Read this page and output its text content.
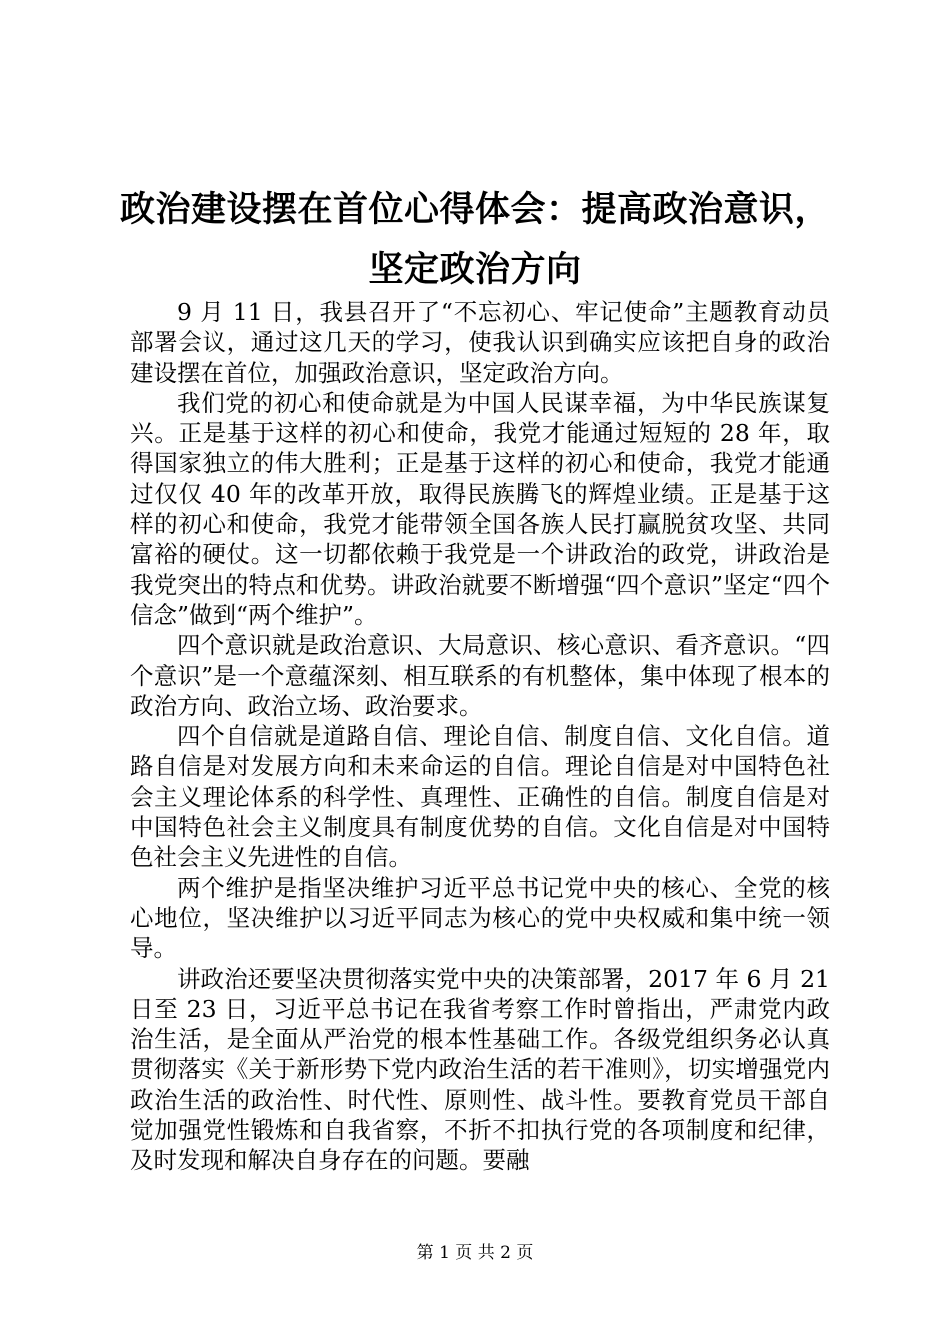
政治建设摆在首位心得体会：提高政治意识，
坚定政治方向

9 月 11 日，我县召开了“不忘初心、牢记使命”主题教育动员部署会议，通过这几天的学习，使我认识到确实应该把自身的政治建设摆在首位，加强政治意识，坚定政治方向。

我们党的初心和使命就是为中国人民谋幸福，为中华民族谋复兴。正是基于这样的初心和使命，我党才能通过短短的 28 年，取得国家独立的伟大胜利；正是基于这样的初心和使命，我党才能通过仅仅 40 年的改革开放，取得民族腾飞的辉煌业绩。正是基于这样的初心和使命，我党才能带领全国各族人民打赢脱贫攻坚、共同富裕的硬仗。这一切都依赖于我党是一个讲政治的政党，讲政治是我党突出的特点和优势。讲政治就要不断增强“四个意识”坚定“四个信念”做到“两个维护”。

四个意识就是政治意识、大局意识、核心意识、看齐意识。“四个意识”是一个意蕴深刻、相互联系的有机整体，集中体现了根本的政治方向、政治立场、政治要求。

四个自信就是道路自信、理论自信、制度自信、文化自信。道路自信是对发展方向和未来命运的自信。理论自信是对中国特色社会主义理论体系的科学性、真理性、正确性的自信。制度自信是对中国特色社会主义制度具有制度优势的自信。文化自信是对中国特色社会主义先进性的自信。

两个维护是指坚决维护习近平总书记党中央的核心、全党的核心地位，坚决维护以习近平同志为核心的党中央权威和集中统一领导。

讲政治还要坚决贯彻落实党中央的决策部署，2017 年 6 月 21 日至 23 日，习近平总书记在我省考察工作时曾指出，严肃党内政治生活，是全面从严治党的根本性基础工作。各级党组织务必认真贯彻落实《关于新形势下党内政治生活的若干准则》，切实增强党内政治生活的政治性、时代性、原则性、战斗性。要教育党员干部自觉加强党性锻炼和自我省察，不折不扣执行党的各项制度和纪律，及时发现和解决自身存在的问题。要融

第 1 页 共 2 页
